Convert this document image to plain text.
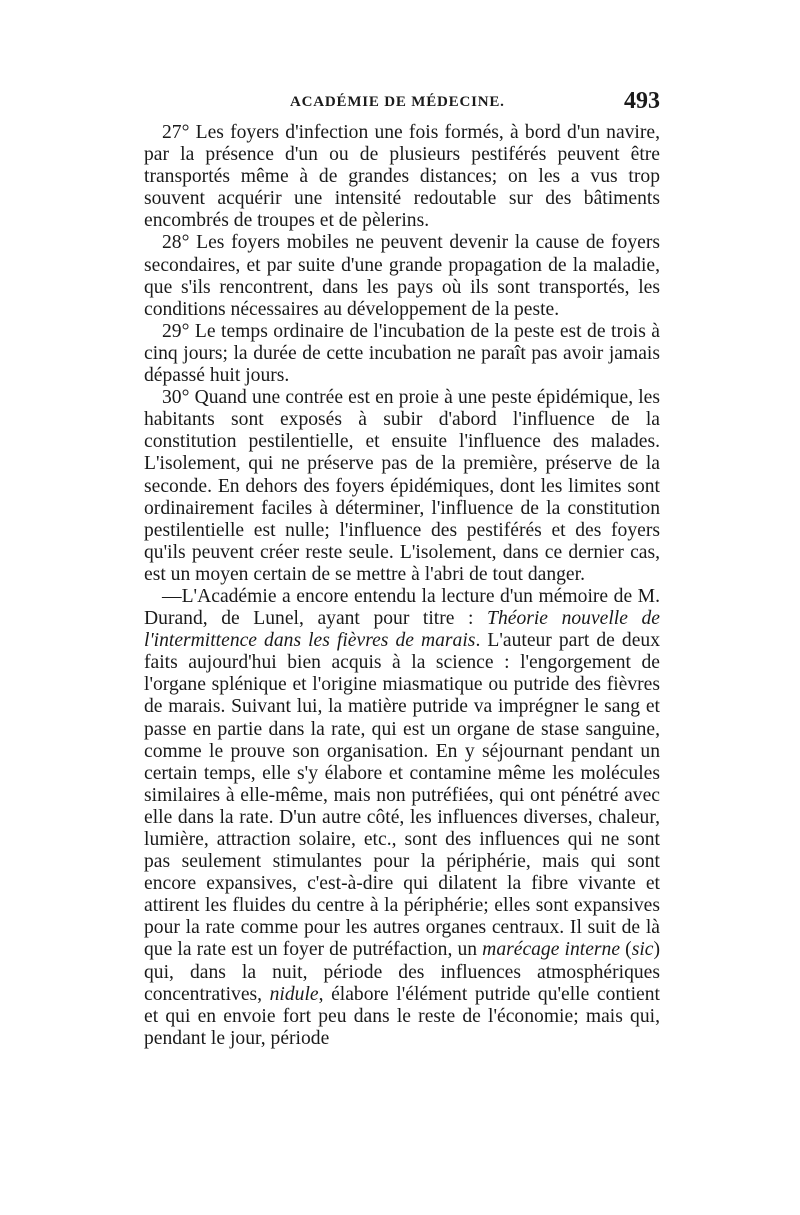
ACADÉMIE DE MÉDECINE.	493

27° Les foyers d'infection une fois formés, à bord d'un navire, par la présence d'un ou de plusieurs pestiférés peuvent être transportés même à de grandes distances; on les a vus trop souvent acquérir une intensité redoutable sur des bâtiments encombrés de troupes et de pèlerins.

28° Les foyers mobiles ne peuvent devenir la cause de foyers secondaires, et par suite d'une grande propagation de la maladie, que s'ils rencontrent, dans les pays où ils sont transportés, les conditions nécessaires au développement de la peste.

29° Le temps ordinaire de l'incubation de la peste est de trois à cinq jours; la durée de cette incubation ne paraît pas avoir jamais dépassé huit jours.

30° Quand une contrée est en proie à une peste épidémique, les habitants sont exposés à subir d'abord l'influence de la constitution pestilentielle, et ensuite l'influence des malades. L'isolement, qui ne préserve pas de la première, préserve de la seconde. En dehors des foyers épidémiques, dont les limites sont ordinairement faciles à déterminer, l'influence de la constitution pestilentielle est nulle; l'influence des pestiférés et des foyers qu'ils peuvent créer reste seule. L'isolement, dans ce dernier cas, est un moyen certain de se mettre à l'abri de tout danger.

—L'Académie a encore entendu la lecture d'un mémoire de M. Durand, de Lunel, ayant pour titre : Théorie nouvelle de l'intermittence dans les fièvres de marais. L'auteur part de deux faits aujourd'hui bien acquis à la science : l'engorgement de l'organe splénique et l'origine miasmatique ou putride des fièvres de marais. Suivant lui, la matière putride va imprégner le sang et passe en partie dans la rate, qui est un organe de stase sanguine, comme le prouve son organisation. En y séjournant pendant un certain temps, elle s'y élabore et contamine même les molécules similaires à elle-même, mais non putréfiées, qui ont pénétré avec elle dans la rate. D'un autre côté, les influences diverses, chaleur, lumière, attraction solaire, etc., sont des influences qui ne sont pas seulement stimulantes pour la périphérie, mais qui sont encore expansives, c'est-à-dire qui dilatent la fibre vivante et attirent les fluides du centre à la périphérie; elles sont expansives pour la rate comme pour les autres organes centraux. Il suit de là que la rate est un foyer de putréfaction, un marécage interne (sic) qui, dans la nuit, période des influences atmosphériques concentratives, nidule, élabore l'élément putride qu'elle contient et qui en envoie fort peu dans le reste de l'économie; mais qui, pendant le jour, période
